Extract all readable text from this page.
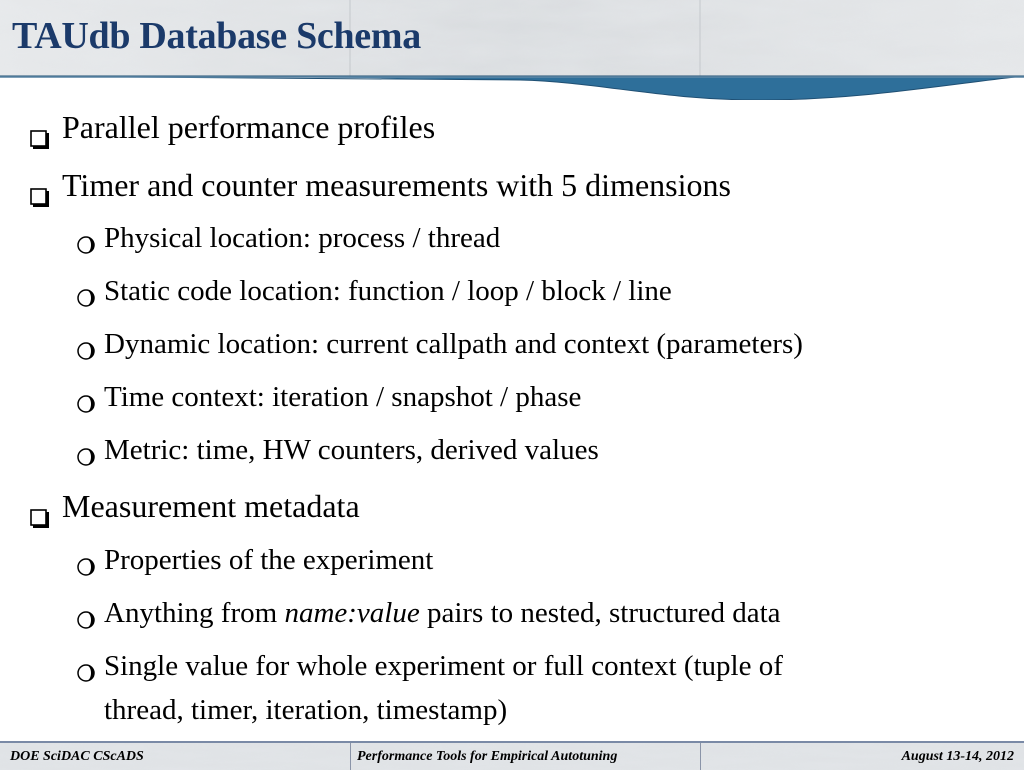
TAUdb Database Schema
Parallel performance profiles
Timer and counter measurements with 5 dimensions
Physical location: process / thread
Static code location: function / loop / block / line
Dynamic location: current callpath and context (parameters)
Time context: iteration / snapshot / phase
Metric: time, HW counters, derived values
Measurement metadata
Properties of the experiment
Anything from name:value pairs to nested, structured data
Single value for whole experiment or full context (tuple of
thread, timer, iteration, timestamp)
DOE SciDAC CScADS	Performance Tools for Empirical Autotuning	August 13-14, 2012
